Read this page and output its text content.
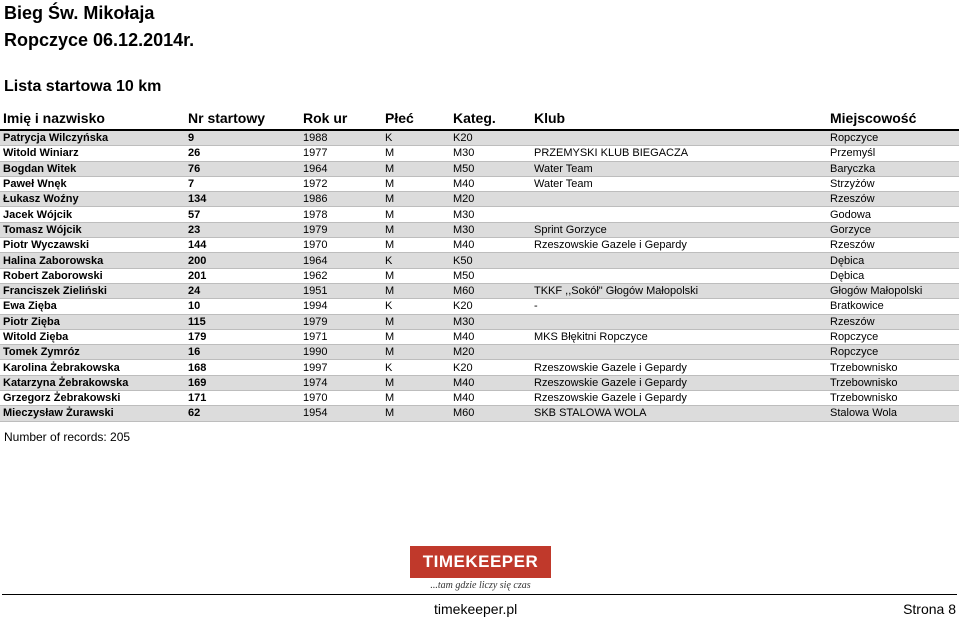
Bieg Św. Mikołaja
Ropczyce 06.12.2014r.
Lista startowa 10 km
Imię i nazwisko	Nr startowy	Rok ur	Płeć	Kateg.	Klub	Miejscowość
Patrycja Wilczyńska	9	1988	K	K20		Ropczyce
Witold Winiarz	26	1977	M	M30	PRZEMYSKI KLUB BIEGACZA	Przemyśl
Bogdan Witek	76	1964	M	M50	Water Team	Baryczka
Paweł Wnęk	7	1972	M	M40	Water Team	Strzyżów
Łukasz Woźny	134	1986	M	M20		Rzeszów
Jacek Wójcik	57	1978	M	M30		Godowa
Tomasz Wójcik	23	1979	M	M30	Sprint Gorzyce	Gorzyce
Piotr Wyczawski	144	1970	M	M40	Rzeszowskie Gazele i Gepardy	Rzeszów
Halina Zaborowska	200	1964	K	K50		Dębica
Robert Zaborowski	201	1962	M	M50		Dębica
Franciszek Zieliński	24	1951	M	M60	TKKF ,,Sokół" Głogów Małopolski	Głogów Małopolski
Ewa Zięba	10	1994	K	K20	-	Bratkowice
Piotr Zięba	115	1979	M	M30		Rzeszów
Witold Zięba	179	1971	M	M40	MKS Błękitni Ropczyce	Ropczyce
Tomek Zymróz	16	1990	M	M20		Ropczyce
Karolina Żebrakowska	168	1997	K	K20	Rzeszowskie Gazele i Gepardy	Trzebownisko
Katarzyna Żebrakowska	169	1974	M	M40	Rzeszowskie Gazele i Gepardy	Trzebownisko
Grzegorz Żebrakowski	171	1970	M	M40	Rzeszowskie Gazele i Gepardy	Trzebownisko
Mieczysław Żurawski	62	1954	M	M60	SKB STALOWA WOLA	Stalowa Wola
Number of records: 205
TIMEKEEPER
...tam gdzie liczy się czas
timekeeper.pl	Strona 8
